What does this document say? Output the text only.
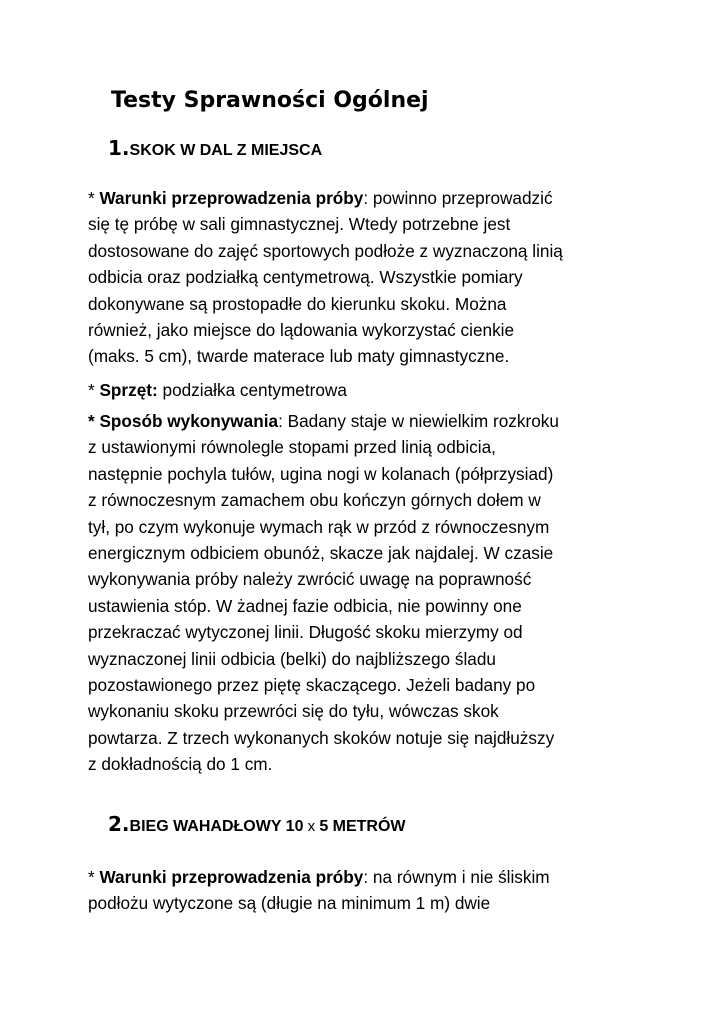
Testy Sprawności Ogólnej
1.SKOK W DAL Z MIEJSCA
* Warunki przeprowadzenia próby: powinno przeprowadzić
się tę próbę w sali gimnastycznej. Wtedy potrzebne jest
dostosowane do zajęć sportowych podłoże z wyznaczoną linią
odbicia oraz podziałką centymetrową. Wszystkie pomiary
dokonywane są prostopadłe do kierunku skoku. Można
również, jako miejsce do lądowania wykorzystać cienkie
(maks. 5 cm), twarde materace lub maty gimnastyczne.
* Sprzęt: podziałka centymetrowa
* Sposób wykonywania: Badany staje w niewielkim rozkroku
z ustawionymi równolegle stopami przed linią odbicia,
następnie pochyla tułów, ugina nogi w kolanach (półprzysiad)
z równoczesnym zamachem obu kończyn górnych dołem w
tył, po czym wykonuje wymach rąk w przód z równoczesnym
energicznym odbiciem obunóż, skacze jak najdalej. W czasie
wykonywania próby należy zwrócić uwagę na poprawność
ustawienia stóp. W żadnej fazie odbicia, nie powinny one
przekraczać wytyczonej linii. Długość skoku mierzymy od
wyznaczonej linii odbicia (belki) do najbliższego śladu
pozostawionego przez piętę skaczącego. Jeżeli badany po
wykonaniu skoku przewróci się do tyłu, wówczas skok
powtarza. Z trzech wykonanych skoków notuje się najdłuższy
z dokładnością do 1 cm.
2.BIEG WAHADŁOWY 10 x 5 METRÓW
* Warunki przeprowadzenia próby: na równym i nie śliskim
podłożu wytyczone są (długie na minimum 1 m) dwie
